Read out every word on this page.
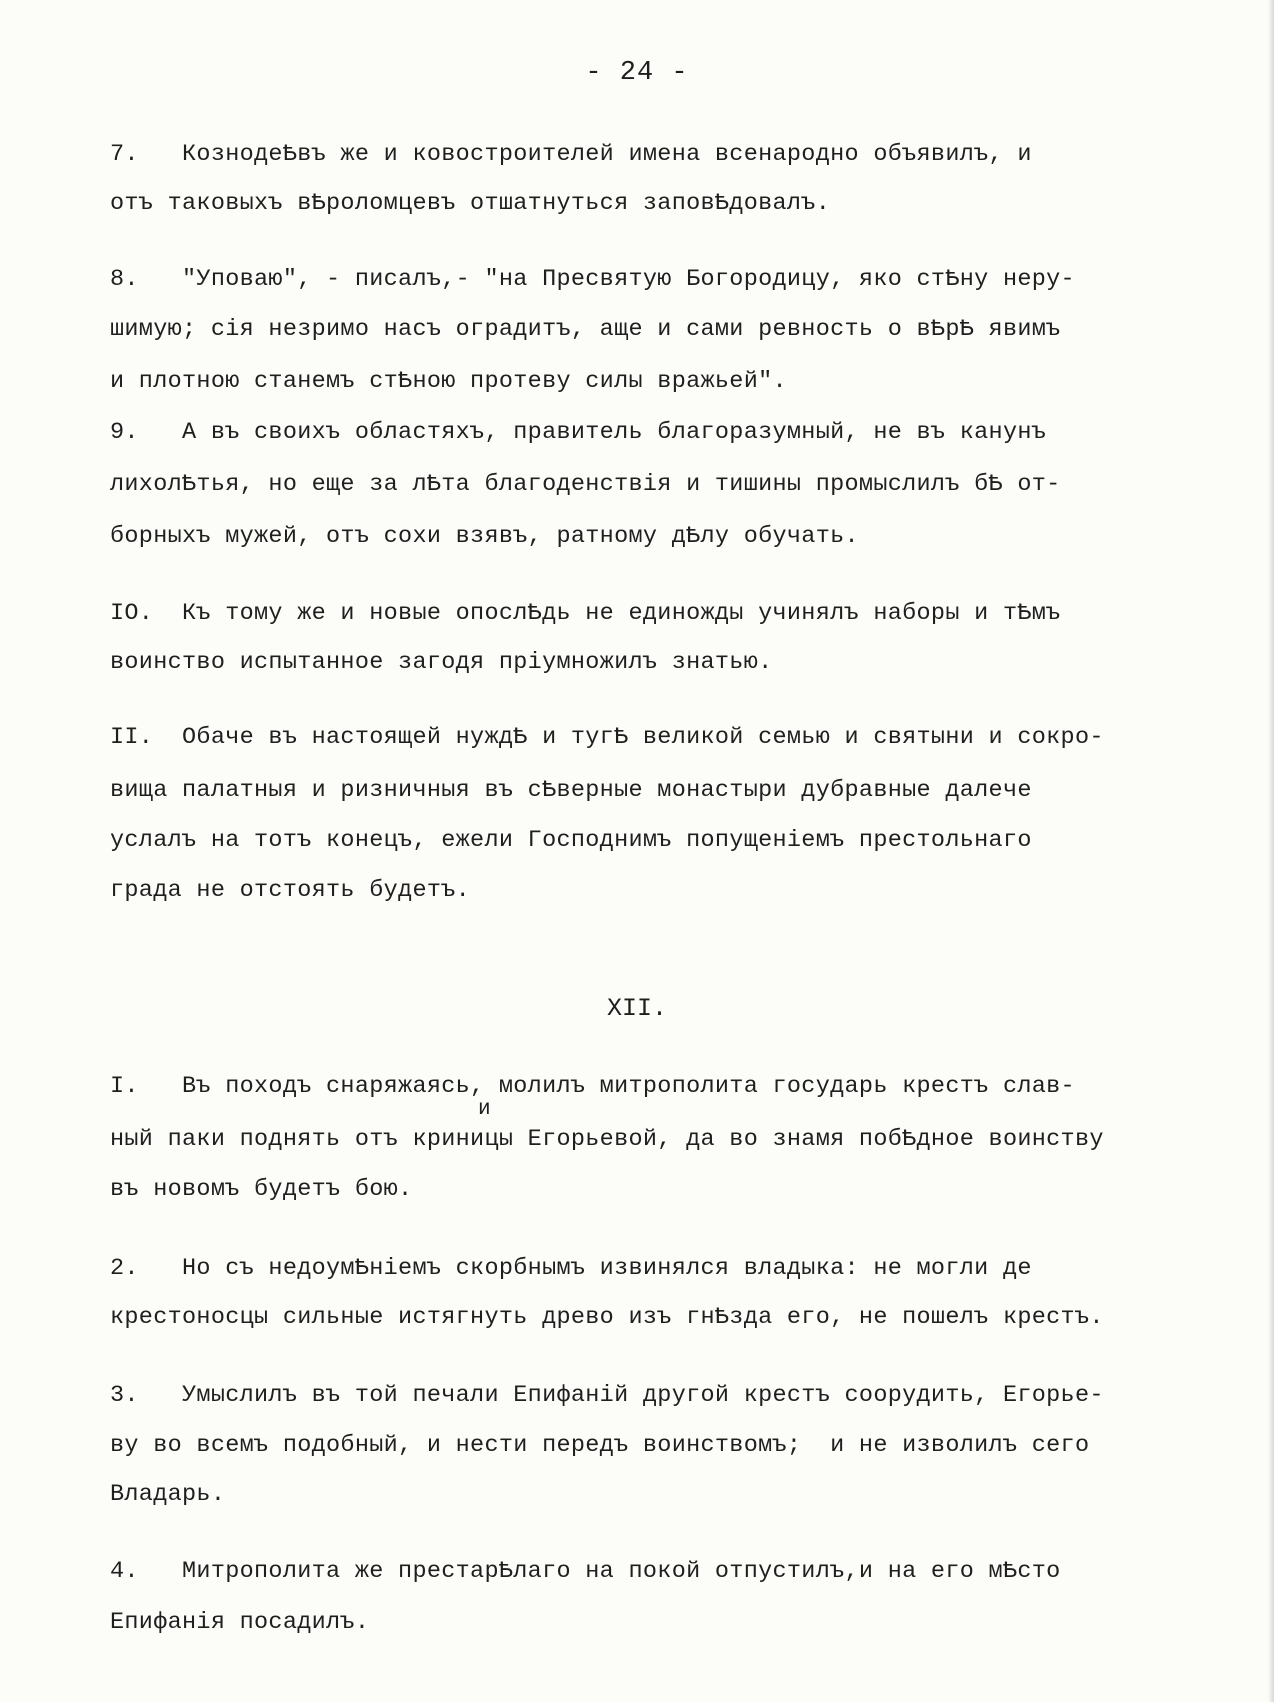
- 24 -
7.   КознодеѢвъ же и ковостроителей имена всенародно объявилъ, и
отъ таковыхъ вѢроломцевъ отшатнуться заповѢдовалъ.
8.   "Уповаю", - писалъ,- "на Пресвятую Богородицу, яко стѢну неру-
шимую; сiя незримо насъ оградитъ, аще и сами ревность о вѢрѢ явимъ
и плотною станемъ стѢною протеву силы вражьей".
9.   А въ своихъ областяхъ, правитель благоразумный, не въ канунъ
лихолѢтья, но еще за лѢта благоденствiя и тишины промыслилъ бѢ от-
борныхъ мужей, отъ сохи взявъ, ратному дѢлу обучать.
IO.  Къ тому же и новые опослѢдь не единожды учинялъ наборы и тѢмъ
воинство испытанное загодя прiумножилъ знатью.
II.  Обаче въ настоящей нуждѢ и тугѢ великой семью и святыни и сокро-
вища палатныя и ризничныя въ сѢверные монастыри дубравные далече
услалъ на тотъ конецъ, ежели Господнимъ попущенiемъ престольнаго
града не отстоять будетъ.
XII.
I.   Въ походъ снаряжаясь, молилъ митрополита государь крестъ слав-
и
ный паки поднять отъ криницы Егорьевой, да во знамя побѢдное воинству
въ новомъ будетъ бою.
2.   Но съ недоумѢнiемъ скорбнымъ извинялся владыка: не могли де
крестоносцы сильные истягнуть древо изъ гнѢзда его, не пошелъ крестъ.
3.   Умыслилъ въ той печали Епифанiй другой крестъ соорудить, Егорье-
ву во всемъ подобный, и нести передъ воинствомъ;  и не изволилъ сего
Владарь.
4.   Митрополита же престарѢлаго на покой отпустилъ,и на его мѢсто
Епифанiя посадилъ.
